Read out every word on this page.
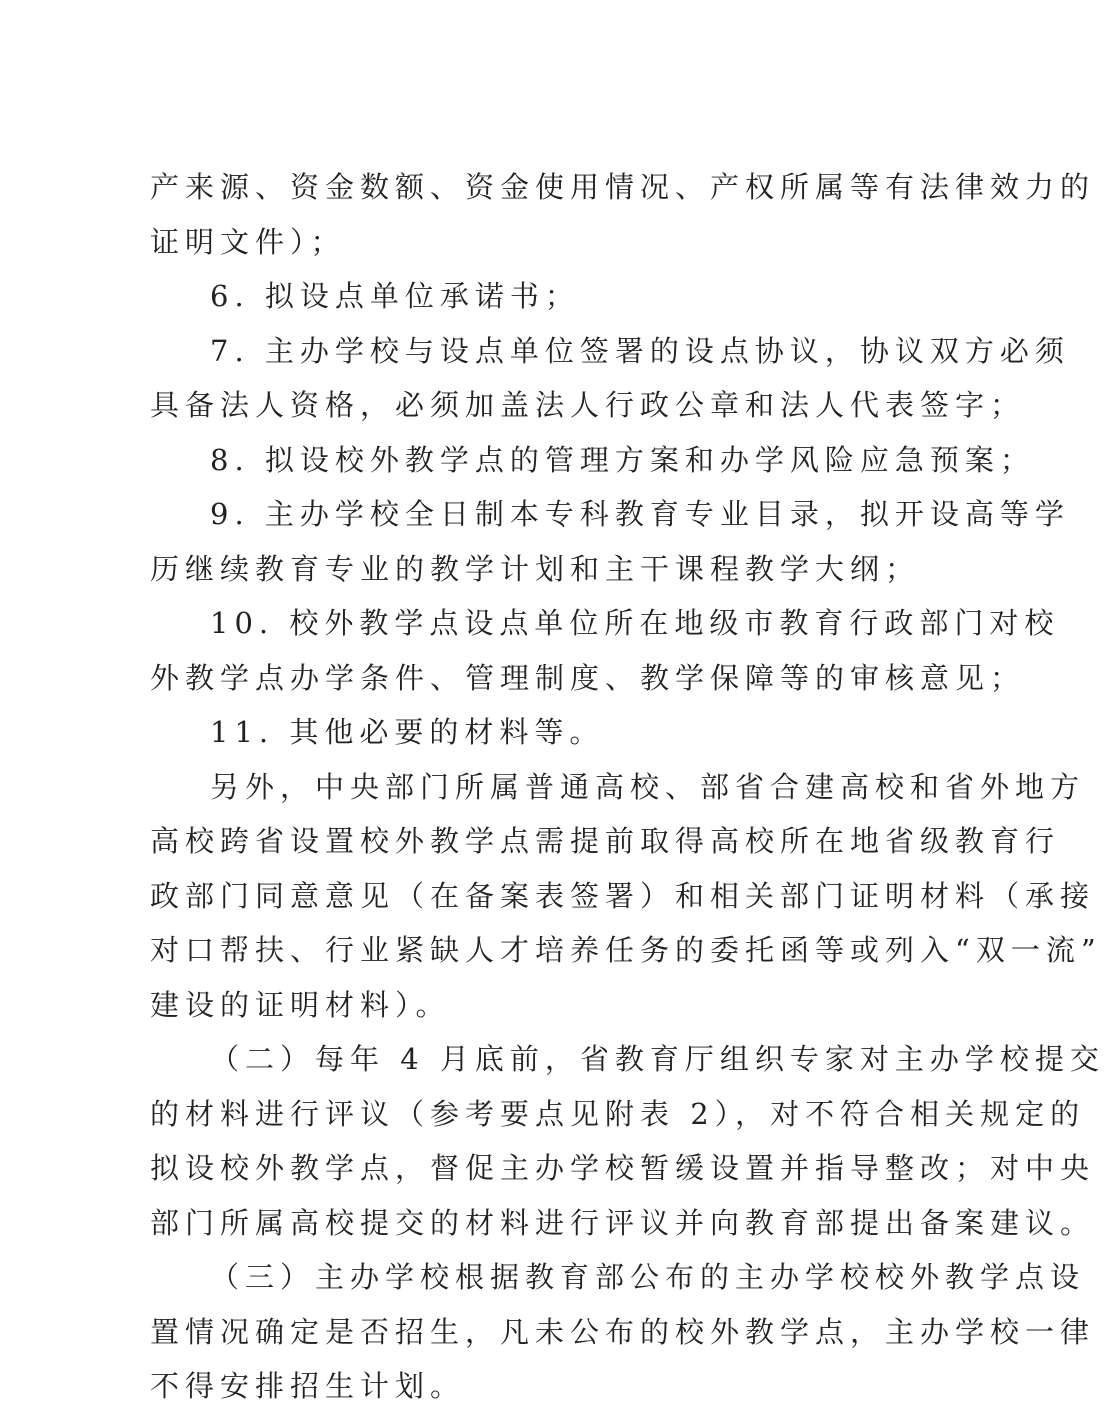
产来源、资金数额、资金使用情况、产权所属等有法律效力的
证明文件）；
6. 拟设点单位承诺书；
7. 主办学校与设点单位签署的设点协议，协议双方必须
具备法人资格，必须加盖法人行政公章和法人代表签字；
8. 拟设校外教学点的管理方案和办学风险应急预案；
9. 主办学校全日制本专科教育专业目录，拟开设高等学
历继续教育专业的教学计划和主干课程教学大纲；
10. 校外教学点设点单位所在地级市教育行政部门对校
外教学点办学条件、管理制度、教学保障等的审核意见；
11. 其他必要的材料等。
另外，中央部门所属普通高校、部省合建高校和省外地方
高校跨省设置校外教学点需提前取得高校所在地省级教育行
政部门同意意见（在备案表签署）和相关部门证明材料（承接
对口帮扶、行业紧缺人才培养任务的委托函等或列入“双一流”
建设的证明材料）。
（二）每年 4 月底前，省教育厅组织专家对主办学校提交
的材料进行评议（参考要点见附表 2），对不符合相关规定的
拟设校外教学点，督促主办学校暂缓设置并指导整改；对中央
部门所属高校提交的材料进行评议并向教育部提出备案建议。
（三）主办学校根据教育部公布的主办学校校外教学点设
置情况确定是否招生，凡未公布的校外教学点，主办学校一律
不得安排招生计划。
